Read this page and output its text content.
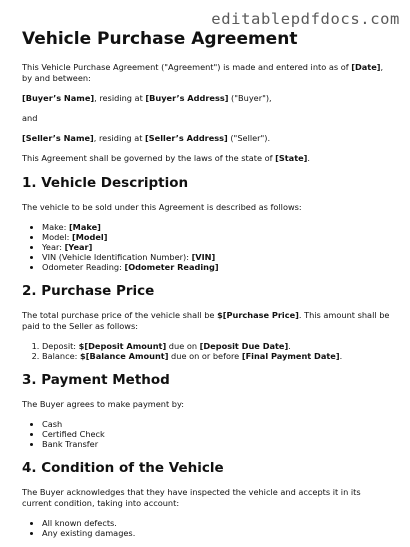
editablepdfdocs.com
Vehicle Purchase Agreement

This Vehicle Purchase Agreement ("Agreement") is made and entered into as of [Date], by and between:

[Buyer’s Name], residing at [Buyer’s Address] ("Buyer"),

and

[Seller’s Name], residing at [Seller’s Address] ("Seller").

This Agreement shall be governed by the laws of the state of [State].

1. Vehicle Description

The vehicle to be sold under this Agreement is described as follows:

• Make: [Make]
• Model: [Model]
• Year: [Year]
• VIN (Vehicle Identification Number): [VIN]
• Odometer Reading: [Odometer Reading]
2. Purchase Price

The total purchase price of the vehicle shall be $[Purchase Price]. This amount shall be paid to the Seller as follows:

1. Deposit: $[Deposit Amount] due on [Deposit Due Date].
2. Balance: $[Balance Amount] due on or before [Final Payment Date].
3. Payment Method

The Buyer agrees to make payment by:

• Cash
• Certified Check
• Bank Transfer
4. Condition of the Vehicle

The Buyer acknowledges that they have inspected the vehicle and accepts it in its current condition, taking into account:

• All known defects.
• Any existing damages.
